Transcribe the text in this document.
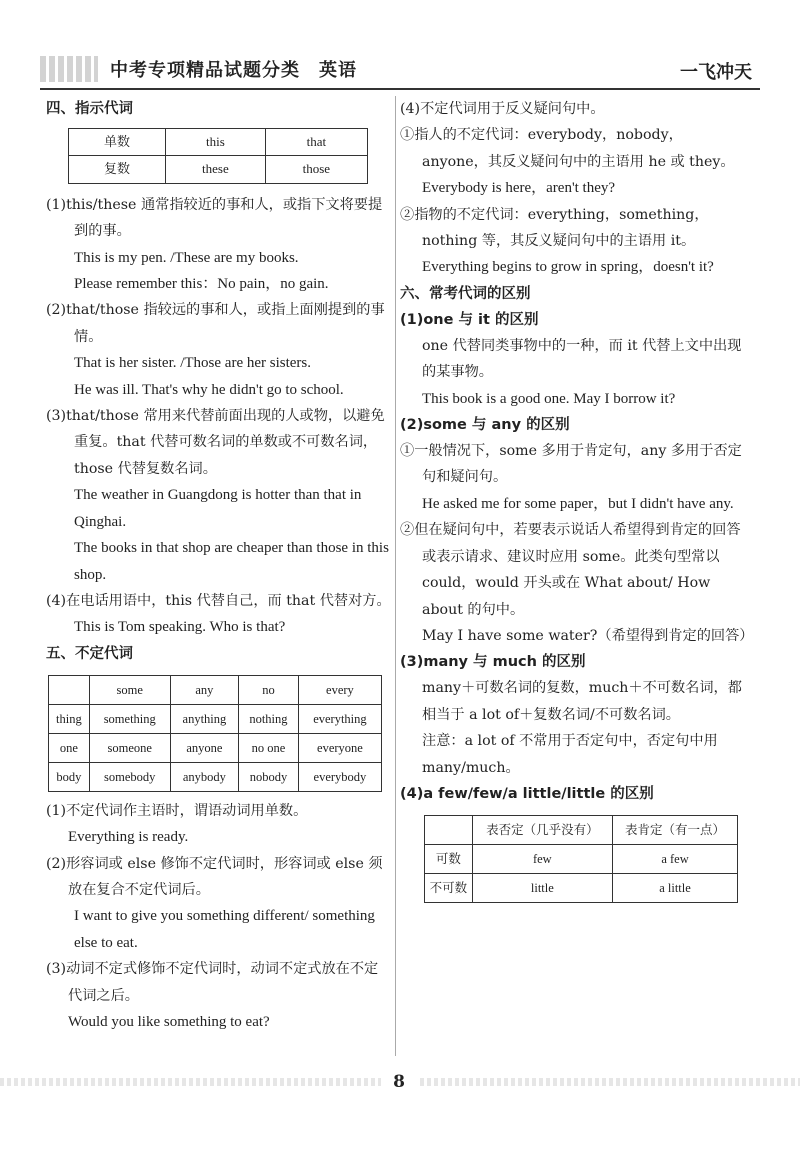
中考专项精品试题分类　英语	一飞冲天
四、指示代词
单数	this	that
复数	these	those

(1)this/these 通常指较近的事和人，或指下文将要提到的事。

This is my pen. /These are my books.

Please remember this：No pain，no gain.

(2)that/those 指较远的事和人，或指上面刚提到的事情。

That is her sister. /Those are her sisters.

He was ill. That's why he didn't go to school.

(3)that/those 常用来代替前面出现的人或物，以避免重复。that 代替可数名词的单数或不可数名词，those 代替复数名词。

The weather in Guangdong is hotter than that in Qinghai.

The books in that shop are cheaper than those in this shop.

(4)在电话用语中，this 代替自己，而 that 代替对方。

This is Tom speaking. Who is that?

五、不定代词
	some	any	no	every
thing	something	anything	nothing	everything
one	someone	anyone	no one	everyone
body	somebody	anybody	nobody	everybody

(1)不定代词作主语时，谓语动词用单数。

Everything is ready.

(2)形容词或 else 修饰不定代词时，形容词或 else 须放在复合不定代词后。

I want to give you something different/ something else to eat.

(3)动词不定式修饰不定代词时，动词不定式放在不定代词之后。

Would you like something to eat?

(4)不定代词用于反义疑问句中。

①指人的不定代词：everybody，nobody，anyone，其反义疑问句中的主语用 he 或 they。

Everybody is here，aren't they?

②指物的不定代词：everything，something，nothing 等，其反义疑问句中的主语用 it。

Everything begins to grow in spring，doesn't it?

六、常考代词的区别
(1)one 与 it 的区别

one 代替同类事物中的一种，而 it 代替上文中出现的某事物。

This book is a good one. May I borrow it?

(2)some 与 any 的区别

①一般情况下，some 多用于肯定句，any 多用于否定句和疑问句。

He asked me for some paper，but I didn't have any.

②但在疑问句中，若要表示说话人希望得到肯定的回答或表示请求、建议时应用 some。此类句型常以 could，would 开头或在 What about/ How about 的句中。

May I have some water?（希望得到肯定的回答）

(3)many 与 much 的区别

many＋可数名词的复数，much＋不可数名词，都相当于 a lot of＋复数名词/不可数名词。

注意：a lot of 不常用于否定句中，否定句中用 many/much。

(4)a few/few/a little/little 的区别
	表否定（几乎没有）	表肯定（有一点）
可数	few	a few
不可数	little	a little
8
